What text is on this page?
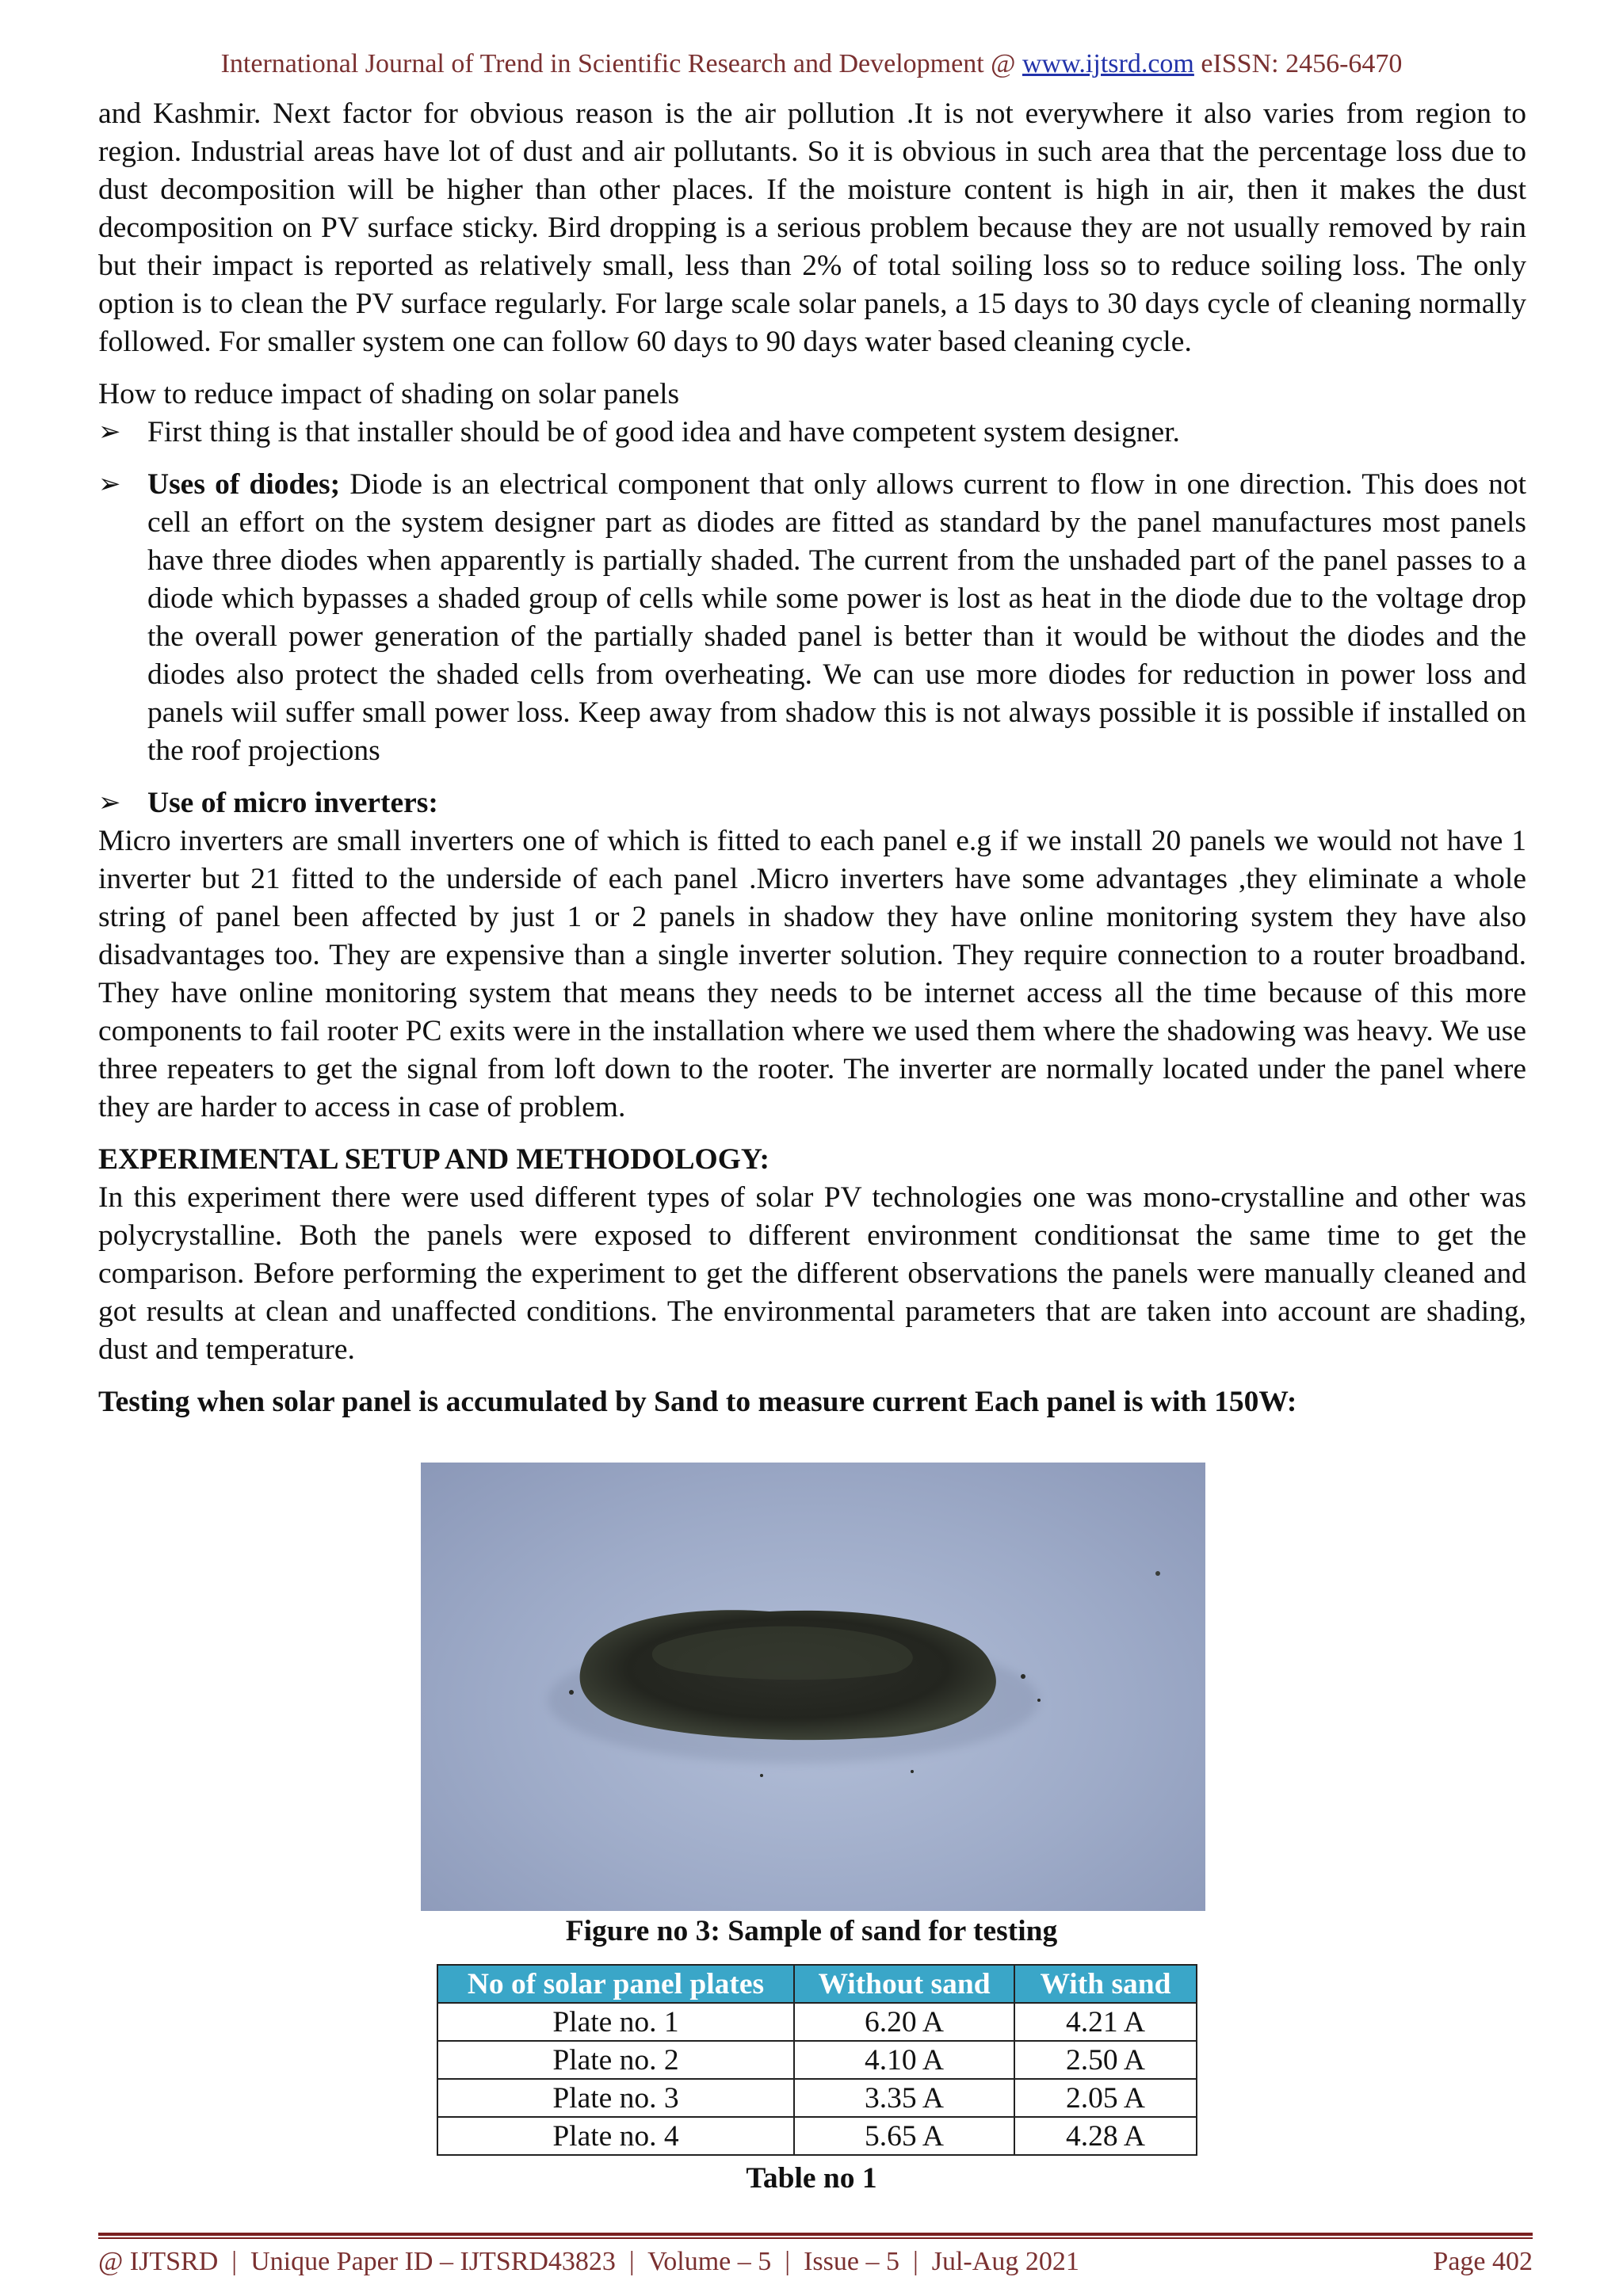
International Journal of Trend in Scientific Research and Development @ www.ijtsrd.com eISSN: 2456-6470

and Kashmir. Next factor for obvious reason is the air pollution .It is not everywhere it also varies from region to region. Industrial areas have lot of dust and air pollutants. So it is obvious in such area that the percentage loss due to dust decomposition will be higher than other places. If the moisture content is high in air, then it makes the dust decomposition on PV surface sticky. Bird dropping is a serious problem because they are not usually removed by rain but their impact is reported as relatively small, less than 2% of total soiling loss so to reduce soiling loss. The only option is to clean the PV surface regularly. For large scale solar panels, a 15 days to 30 days cycle of cleaning normally followed. For smaller system one can follow 60 days to 90 days water based cleaning cycle.

How to reduce impact of shading on solar panels

➢ First thing is that installer should be of good idea and have competent system designer.
➢ Uses of diodes; Diode is an electrical component that only allows current to flow in one direction. This does not cell an effort on the system designer part as diodes are fitted as standard by the panel manufactures most panels have three diodes when apparently is partially shaded. The current from the unshaded part of the panel passes to a diode which bypasses a shaded group of cells while some power is lost as heat in the diode due to the voltage drop the overall power generation of the partially shaded panel is better than it would be without the diodes and the diodes also protect the shaded cells from overheating. We can use more diodes for reduction in power loss and panels wiil suffer small power loss. Keep away from shadow this is not always possible it is possible if installed on the roof projections
➢ Use of micro inverters:

Micro inverters are small inverters one of which is fitted to each panel e.g if we install 20 panels we would not have 1 inverter but 21 fitted to the underside of each panel .Micro inverters have some advantages ,they eliminate a whole string of panel been affected by just 1 or 2 panels in shadow they have online monitoring system they have also disadvantages too. They are expensive than a single inverter solution. They require connection to a router broadband. They have online monitoring system that means they needs to be internet access all the time because of this more components to fail rooter PC exits were in the installation where we used them where the shadowing was heavy. We use three repeaters to get the signal from loft down to the rooter. The inverter are normally located under the panel where they are harder to access in case of problem.

EXPERIMENTAL SETUP AND METHODOLOGY:

In this experiment there were used different types of solar PV technologies one was mono-crystalline and other was polycrystalline. Both the panels were exposed to different environment conditionsat the same time to get the comparison. Before performing the experiment to get the different observations the panels were manually cleaned and got results at clean and unaffected conditions. The environmental parameters that are taken into account are shading, dust and temperature.

Testing when solar panel is accumulated by Sand to measure current Each panel is with 150W:
Figure no 3: Sample of sand for testing
No of solar panel plates	Without sand	With sand
Plate no. 1	6.20 A	4.21 A
Plate no. 2	4.10 A	2.50 A
Plate no. 3	3.35 A	2.05 A
Plate no. 4	5.65 A	4.28 A
Table no 1
@ IJTSRD  |  Unique Paper ID – IJTSRD43823  |  Volume – 5  |  Issue – 5  |  Jul-Aug 2021	Page 402
